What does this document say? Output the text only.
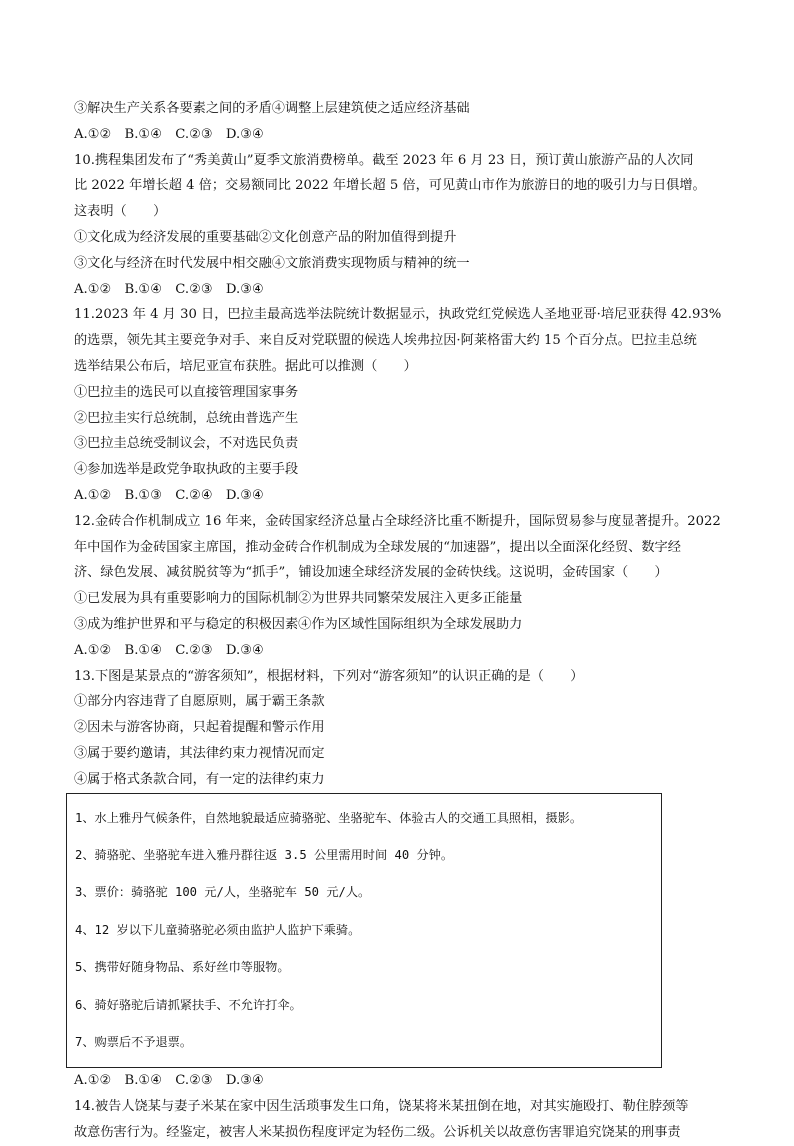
③解决生产关系各要素之间的矛盾④调整上层建筑使之适应经济基础

A.①②　B.①④　C.②③　D.③④

10.携程集团发布了“秀美黄山”夏季文旅消费榜单。截至 2023 年 6 月 23 日，预订黄山旅游产品的人次同

比 2022 年增长超 4 倍；交易额同比 2022 年增长超 5 倍，可见黄山市作为旅游日的地的吸引力与日俱增。

这表明（　　）

①文化成为经济发展的重要基础②文化创意产品的附加值得到提升

③文化与经济在时代发展中相交融④文旅消费实现物质与精神的统一

A.①②　B.①④　C.②③　D.③④

11.2023 年 4 月 30 日，巴拉圭最高选举法院统计数据显示，执政党红党候选人圣地亚哥·培尼亚获得 42.93%

的选票，领先其主要竞争对手、来自反对党联盟的候选人埃弗拉因·阿莱格雷大约 15 个百分点。巴拉圭总统

选举结果公布后，培尼亚宣布获胜。据此可以推测（　　）

①巴拉圭的选民可以直接管理国家事务

②巴拉圭实行总统制，总统由普选产生

③巴拉圭总统受制议会，不对选民负责

④参加选举是政党争取执政的主要手段

A.①②　B.①③　C.②④　D.③④

12.金砖合作机制成立 16 年来，金砖国家经济总量占全球经济比重不断提升，国际贸易参与度显著提升。2022

年中国作为金砖国家主席国，推动金砖合作机制成为全球发展的“加速器”，提出以全面深化经贸、数字经

济、绿色发展、减贫脱贫等为“抓手”，铺设加速全球经济发展的金砖快线。这说明，金砖国家（　　）

①已发展为具有重要影响力的国际机制②为世界共同繁荣发展注入更多正能量

③成为维护世界和平与稳定的积极因素④作为区域性国际组织为全球发展助力

A.①②　B.①④　C.②③　D.③④

13.下图是某景点的“游客须知”，根据材料，下列对“游客须知”的认识正确的是（　　）

①部分内容违背了自愿原则，属于霸王条款

②因未与游客协商，只起着提醒和警示作用

③属于要约邀请，其法律约束力视情况而定

④属于格式条款合同，有一定的法律约束力

1、水上雅丹气候条件，自然地貌最适应骑骆驼、坐骆驼车、体验古人的交通工具照相，摄影。

2、骑骆驼、坐骆驼车进入雅丹群往返 3.5 公里需用时间 40 分钟。

3、票价：骑骆驼 100 元/人，坐骆驼车 50 元/人。

4、12 岁以下儿童骑骆驼必须由监护人监护下乘骑。

5、携带好随身物品、系好丝巾等服物。

6、骑好骆驼后请抓紧扶手、不允许打伞。

7、购票后不予退票。

A.①②　B.①④　C.②③　D.③④

14.被告人饶某与妻子米某在家中因生活琐事发生口角，饶某将米某扭倒在地，对其实施殴打、勒住脖颈等

故意伤害行为。经鉴定，被害人米某损伤程度评定为轻伤二级。公诉机关以故意伤害罪追究饶某的刑事责
